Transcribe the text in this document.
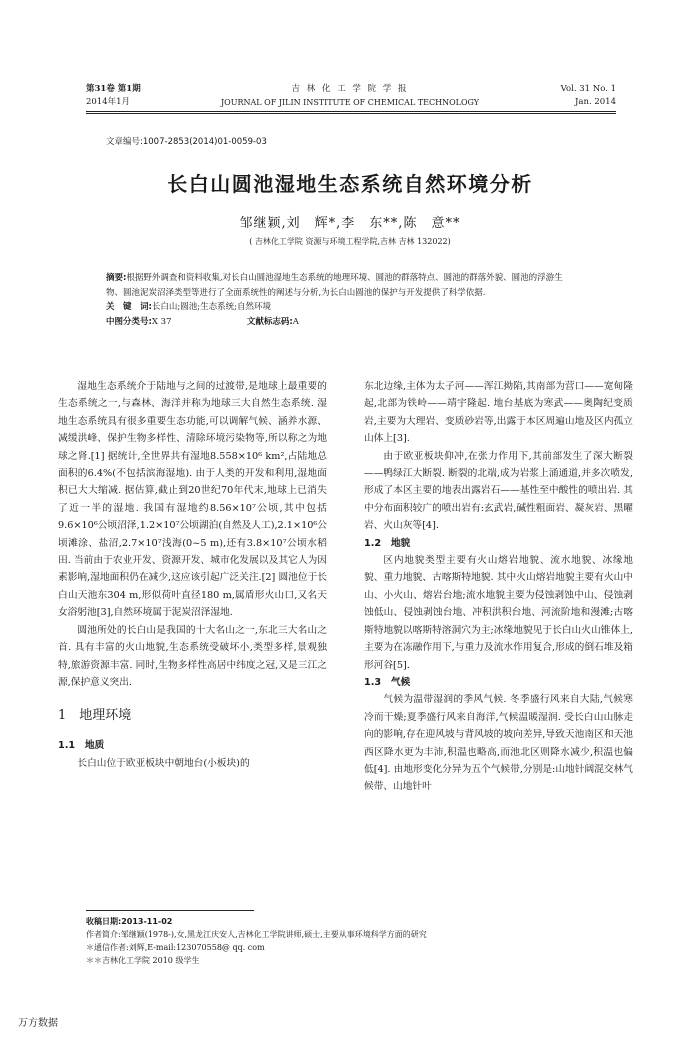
第31卷 第1期
2014年1月
吉 林 化 工 学 院 学 报
JOURNAL OF JILIN INSTITUTE OF CHEMICAL TECHNOLOGY
Vol. 31 No. 1
Jan. 2014
文章编号:1007-2853(2014)01-0059-03
长白山圆池湿地生态系统自然环境分析
邹继颖,刘　辉*,李　东**,陈　意**
( 吉林化工学院 资源与环境工程学院,吉林 吉林 132022)
摘要:根据野外调查和资料收集,对长白山圆池湿地生态系统的地理环境、圆池的群落特点、圆池的群落外貌、圆池的浮游生物、圆池泥炭沼泽类型等进行了全面系统性的阐述与分析,为长白山圆池的保护与开发提供了科学依据.
关　键　词:长白山;圆池;生态系统;自然环境
中图分类号:X 37	文献标志码:A

湿地生态系统介于陆地与之间的过渡带,是地球上最重要的生态系统之一,与森林、海洋并称为地球三大自然生态系统. 湿地生态系统具有很多重要生态功能,可以调解气候、涵养水源、减缓洪峰、保护生物多样性、清除环境污染物等,所以称之为地球之肾.[1] 据统计,全世界共有湿地8.558×10⁶ km²,占陆地总面积的6.4%(不包括滨海湿地). 由于人类的开发和利用,湿地面积已大大缩减. 据估算,截止到20世纪70年代末,地球上已消失了近一半的湿地. 我国有湿地约8.56×10⁷公顷,其中包括9.6×10⁶公顷沼泽,1.2×10⁷公顷湖泊(自然及人工),2.1×10⁶公顷滩涂、盐沼,2.7×10⁷浅海(0~5 m),还有3.8×10⁷公顷水稻田. 当前由于农业开发、资源开发、城市化发展以及其它人为因素影响,湿地面积仍在减少,这应该引起广泛关注.[2] 圆池位于长白山天池东304 m,形似荷叶直径180 m,属盾形火山口,又名天女浴躬池[3],自然环境属于泥炭沼泽湿地.

圆池所处的长白山是我国的十大名山之一,东北三大名山之首. 具有丰富的火山地貌,生态系统受破坏小,类型多样,景观独特,旅游资源丰富. 同时,生物多样性高居中纬度之冠,又是三江之源,保护意义突出.

1　地理环境
1.1　地质

长白山位于欧亚板块中朝地台(小板块)的

东北边缘,主体为太子河——浑江拗陷,其南部为营口——宽甸隆起,北部为铁岭——靖宇隆起. 地台基底为寒武——奥陶纪变质岩,主要为大理岩、变质砂岩等,出露于本区周遍山地及区内孤立山体上[3].

由于欧亚板块仰冲,在张力作用下,其前部发生了深大断裂——鸭绿江大断裂. 断裂的北端,成为岩浆上涌通道,并多次喷发,形成了本区主要的地表出露岩石——基性至中酸性的喷出岩. 其中分布面积较广的喷出岩有:玄武岩,碱性粗面岩、凝灰岩、黑曜岩、火山灰等[4].

1.2　地貌

区内地貌类型主要有火山熔岩地貌、流水地貌、冰缘地貌、重力地貌、古喀斯特地貌. 其中火山熔岩地貌主要有火山中山、小火山、熔岩台地;流水地貌主要为侵蚀剥蚀中山、侵蚀剥蚀低山、侵蚀剥蚀台地、冲积洪积台地、河流阶地和漫滩;古喀斯特地貌以喀斯特溶洞穴为主;冰缘地貌见于长白山火山锥体上,主要为在冻融作用下,与重力及流水作用复合,形成的倒石堆及箱形河谷[5].

1.3　气候

气候为温带湿润的季风气候. 冬季盛行风来自大陆,气候寒冷而干燥;夏季盛行风来自海洋,气候温暖湿润. 受长白山山脉走向的影响,存在迎风坡与背风坡的坡向差异,导致天池南区和天池西区降水更为丰沛,积温也略高,而池北区则降水减少,积温也偏低[4]. 由地形变化分异为五个气候带,分别是:山地针阔混交林气候带、山地针叶

收稿日期:2013-11-02
作者简介:邹继颖(1978-),女,黑龙江庆安人,吉林化工学院讲师,硕士,主要从事环境科学方面的研究
＊通信作者:刘辉,E-mail:123070558@ qq. com
＊＊吉林化工学院 2010 级学生
万方数据
